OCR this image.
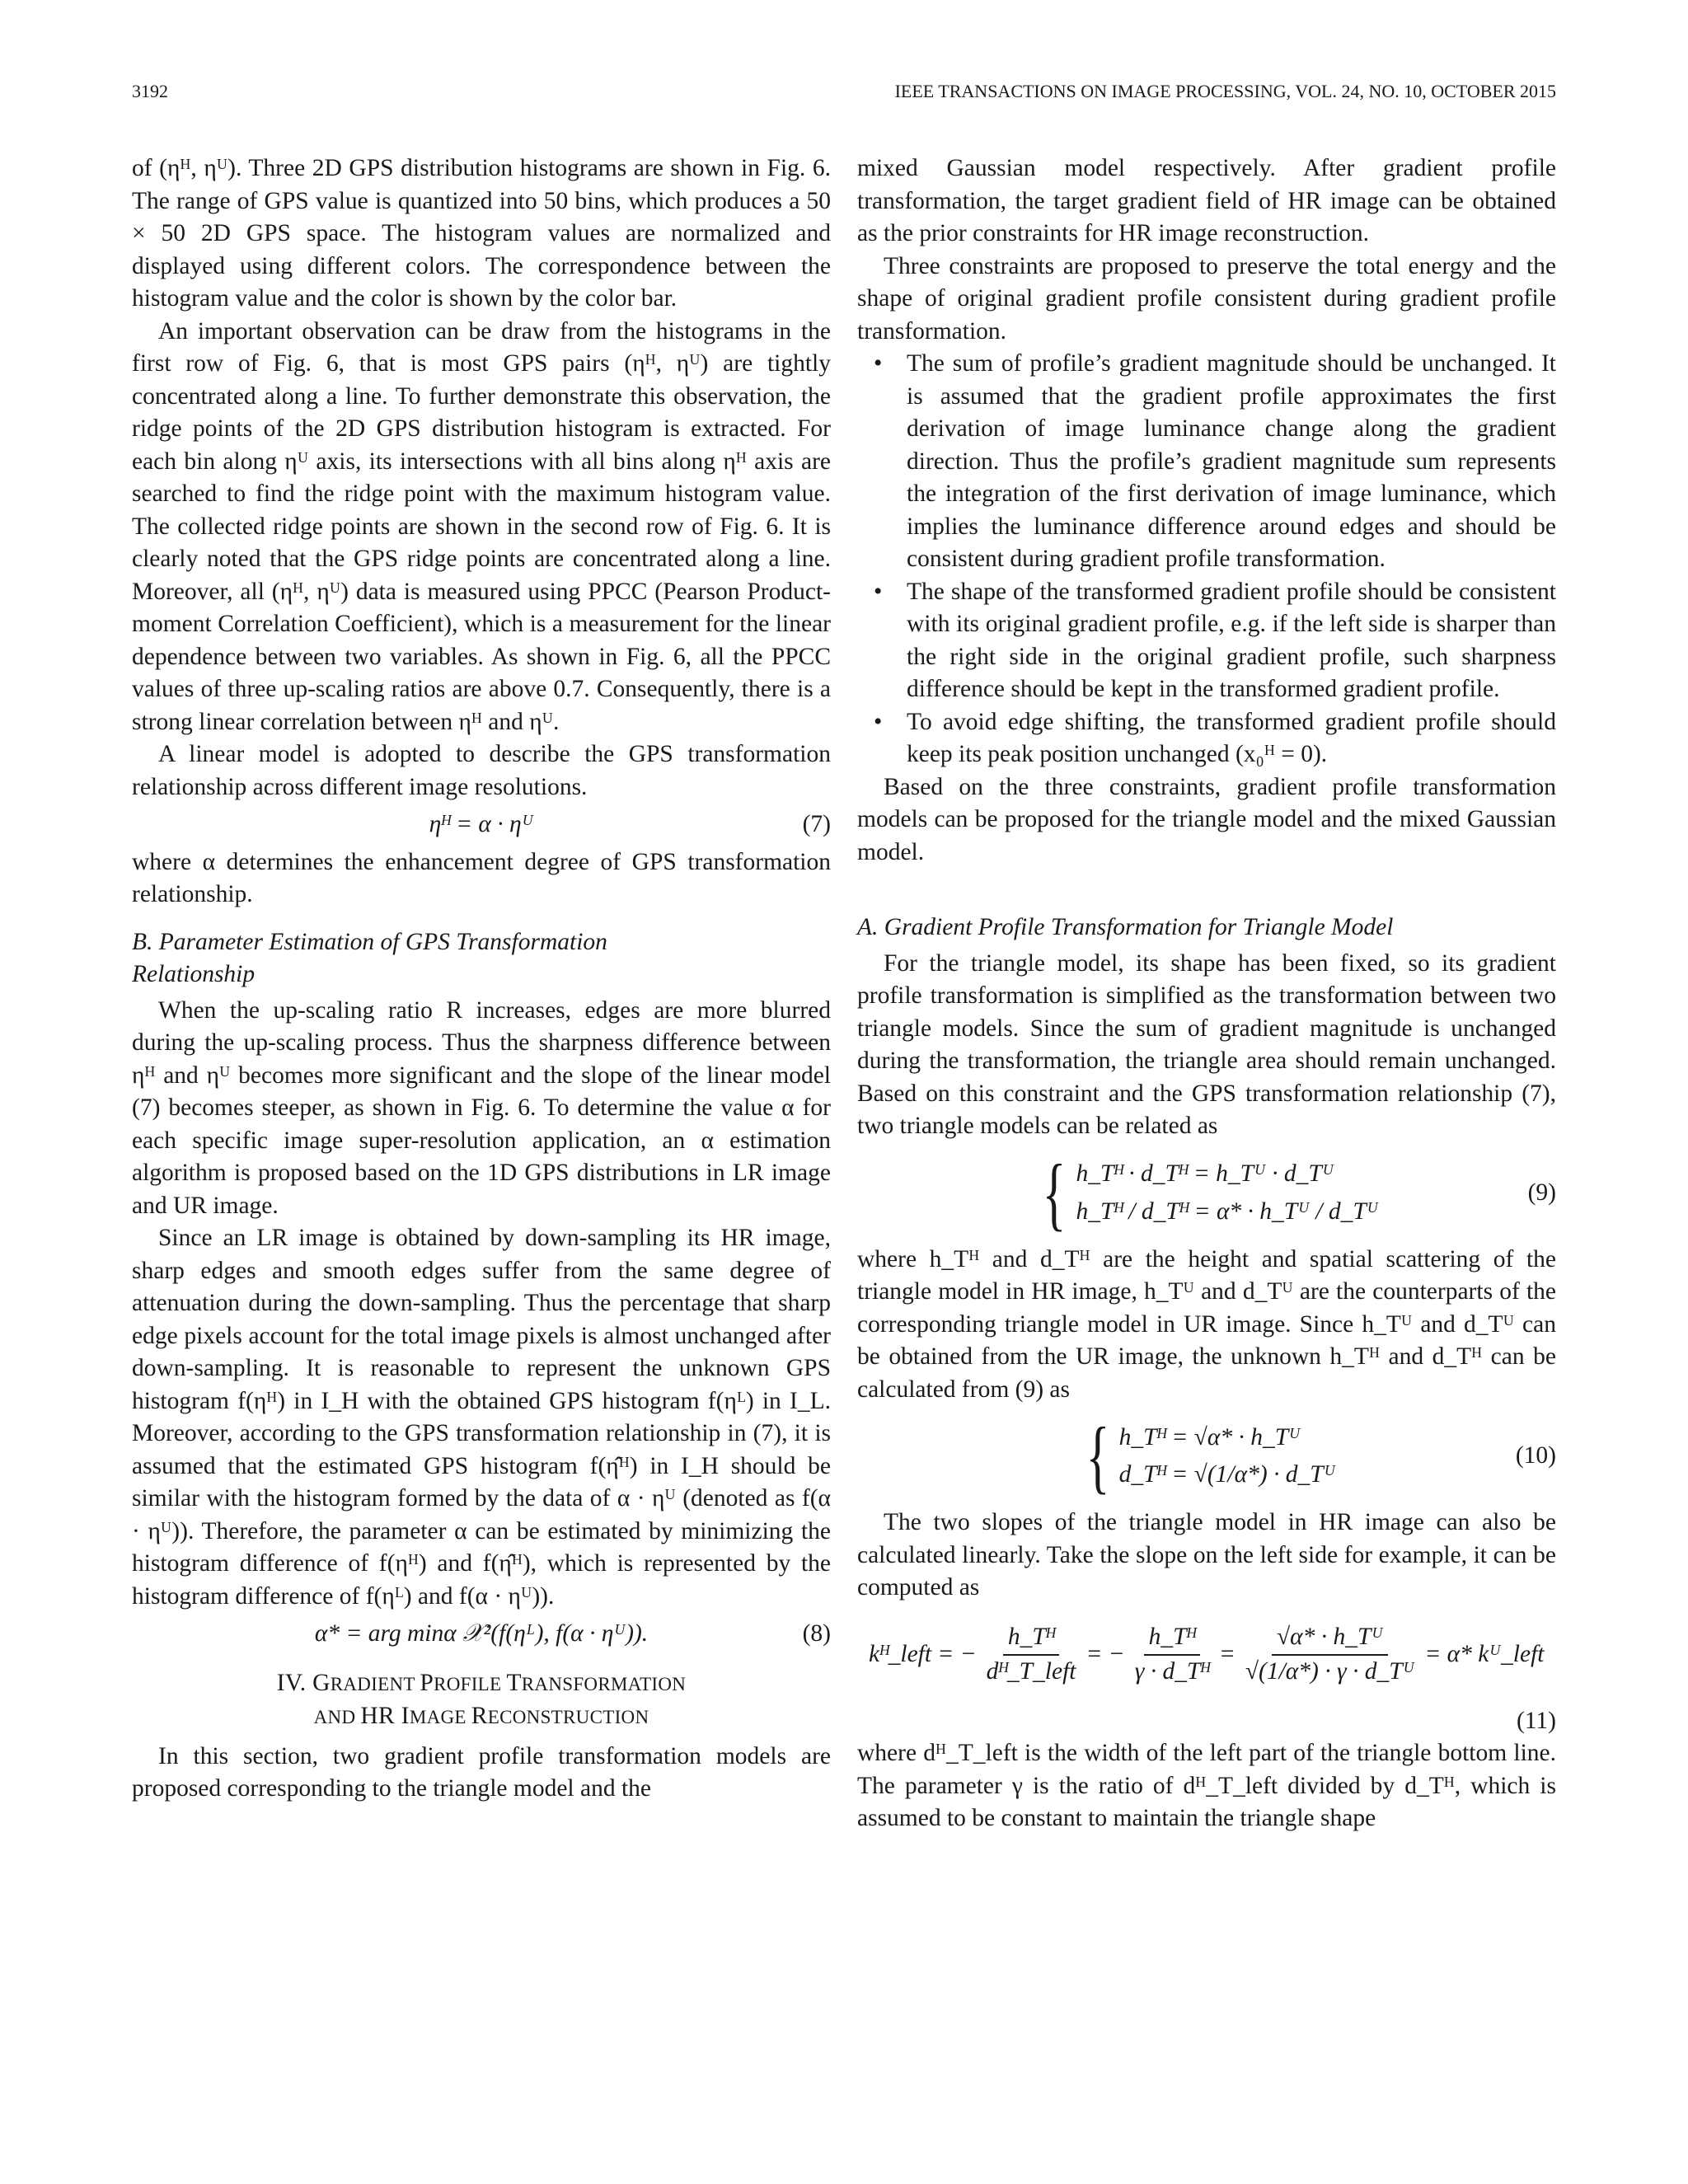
3192	IEEE TRANSACTIONS ON IMAGE PROCESSING, VOL. 24, NO. 10, OCTOBER 2015

of (ηᴴ, ηᵁ). Three 2D GPS distribution histograms are shown in Fig. 6. The range of GPS value is quantized into 50 bins, which produces a 50 × 50 2D GPS space. The histogram values are normalized and displayed using different colors. The correspondence between the histogram value and the color is shown by the color bar.

An important observation can be draw from the histograms in the first row of Fig. 6, that is most GPS pairs (ηᴴ, ηᵁ) are tightly concentrated along a line. To further demonstrate this observation, the ridge points of the 2D GPS distribution histogram is extracted. For each bin along ηᵁ axis, its intersections with all bins along ηᴴ axis are searched to find the ridge point with the maximum histogram value. The collected ridge points are shown in the second row of Fig. 6. It is clearly noted that the GPS ridge points are concentrated along a line. Moreover, all (ηᴴ, ηᵁ) data is measured using PPCC (Pearson Product-moment Correlation Coefficient), which is a measurement for the linear dependence between two variables. As shown in Fig. 6, all the PPCC values of three up-scaling ratios are above 0.7. Consequently, there is a strong linear correlation between ηᴴ and ηᵁ.

A linear model is adopted to describe the GPS transformation relationship across different image resolutions.

ηᴴ = α · ηᵁ	(7)

where α determines the enhancement degree of GPS transformation relationship.

B. Parameter Estimation of GPS Transformation
Relationship

When the up-scaling ratio R increases, edges are more blurred during the up-scaling process. Thus the sharpness difference between ηᴴ and ηᵁ becomes more significant and the slope of the linear model (7) becomes steeper, as shown in Fig. 6. To determine the value α for each specific image super-resolution application, an α estimation algorithm is proposed based on the 1D GPS distributions in LR image and UR image.

Since an LR image is obtained by down-sampling its HR image, sharp edges and smooth edges suffer from the same degree of attenuation during the down-sampling. Thus the percentage that sharp edge pixels account for the total image pixels is almost unchanged after down-sampling. It is reasonable to represent the unknown GPS histogram f(ηᴴ) in I_H with the obtained GPS histogram f(ηᴸ) in I_L. Moreover, according to the GPS transformation relationship in (7), it is assumed that the estimated GPS histogram f(η̂ᴴ) in I_H should be similar with the histogram formed by the data of α · ηᵁ (denoted as f(α · ηᵁ)). Therefore, the parameter α can be estimated by minimizing the histogram difference of f(ηᴴ) and f(η̂ᴴ), which is represented by the histogram difference of f(ηᴸ) and f(α · ηᵁ)).

α* = arg minα 𝒳²(f(ηᴸ), f(α · ηᵁ)).	(8)
IV. GRADIENT PROFILE TRANSFORMATION
AND HR IMAGE RECONSTRUCTION

In this section, two gradient profile transformation models are proposed corresponding to the triangle model and the

mixed Gaussian model respectively. After gradient profile transformation, the target gradient field of HR image can be obtained as the prior constraints for HR image reconstruction.

Three constraints are proposed to preserve the total energy and the shape of original gradient profile consistent during gradient profile transformation.

•	The sum of profile’s gradient magnitude should be unchanged. It is assumed that the gradient profile approximates the first derivation of image luminance change along the gradient direction. Thus the profile’s gradient magnitude sum represents the integration of the first derivation of image luminance, which implies the luminance difference around edges and should be consistent during gradient profile transformation.
•	The shape of the transformed gradient profile should be consistent with its original gradient profile, e.g. if the left side is sharper than the right side in the original gradient profile, such sharpness difference should be kept in the transformed gradient profile.
•	To avoid edge shifting, the transformed gradient profile should keep its peak position unchanged (x₀ᴴ = 0).

Based on the three constraints, gradient profile transformation models can be proposed for the triangle model and the mixed Gaussian model.

A. Gradient Profile Transformation for Triangle Model

For the triangle model, its shape has been fixed, so its gradient profile transformation is simplified as the transformation between two triangle models. Since the sum of gradient magnitude is unchanged during the transformation, the triangle area should remain unchanged. Based on this constraint and the GPS transformation relationship (7), two triangle models can be related as

{ h_Tᴴ · d_Tᴴ = h_Tᵁ · d_Tᵁ
h_Tᴴ / d_Tᴴ = α* · h_Tᵁ / d_Tᵁ
(9)

where h_Tᴴ and d_Tᴴ are the height and spatial scattering of the triangle model in HR image, h_Tᵁ and d_Tᵁ are the counterparts of the corresponding triangle model in UR image. Since h_Tᵁ and d_Tᵁ can be obtained from the UR image, the unknown h_Tᴴ and d_Tᴴ can be calculated from (9) as

{ h_Tᴴ = √α* · h_Tᵁ
d_Tᴴ = √(1/α*) · d_Tᵁ
(10)

The two slopes of the triangle model in HR image can also be calculated linearly. Take the slope on the left side for example, it can be computed as

kᴴ_left = −
h_Tᴴ
dᴴ_T_left
= − $\frac{\text{h\_Tᴴ}}{\text{γ · d\_Tᴴ}} = \frac{\text{√α* · h\_Tᵁ}}{\text{√(1/α*) · γ · d\_Tᵁ}} = \alpha*$ kᵁ_left
(11)

where dᴴ_T_left is the width of the left part of the triangle bottom line. The parameter γ is the ratio of dᴴ_T_left divided by d_Tᴴ, which is assumed to be constant to maintain the triangle shape
